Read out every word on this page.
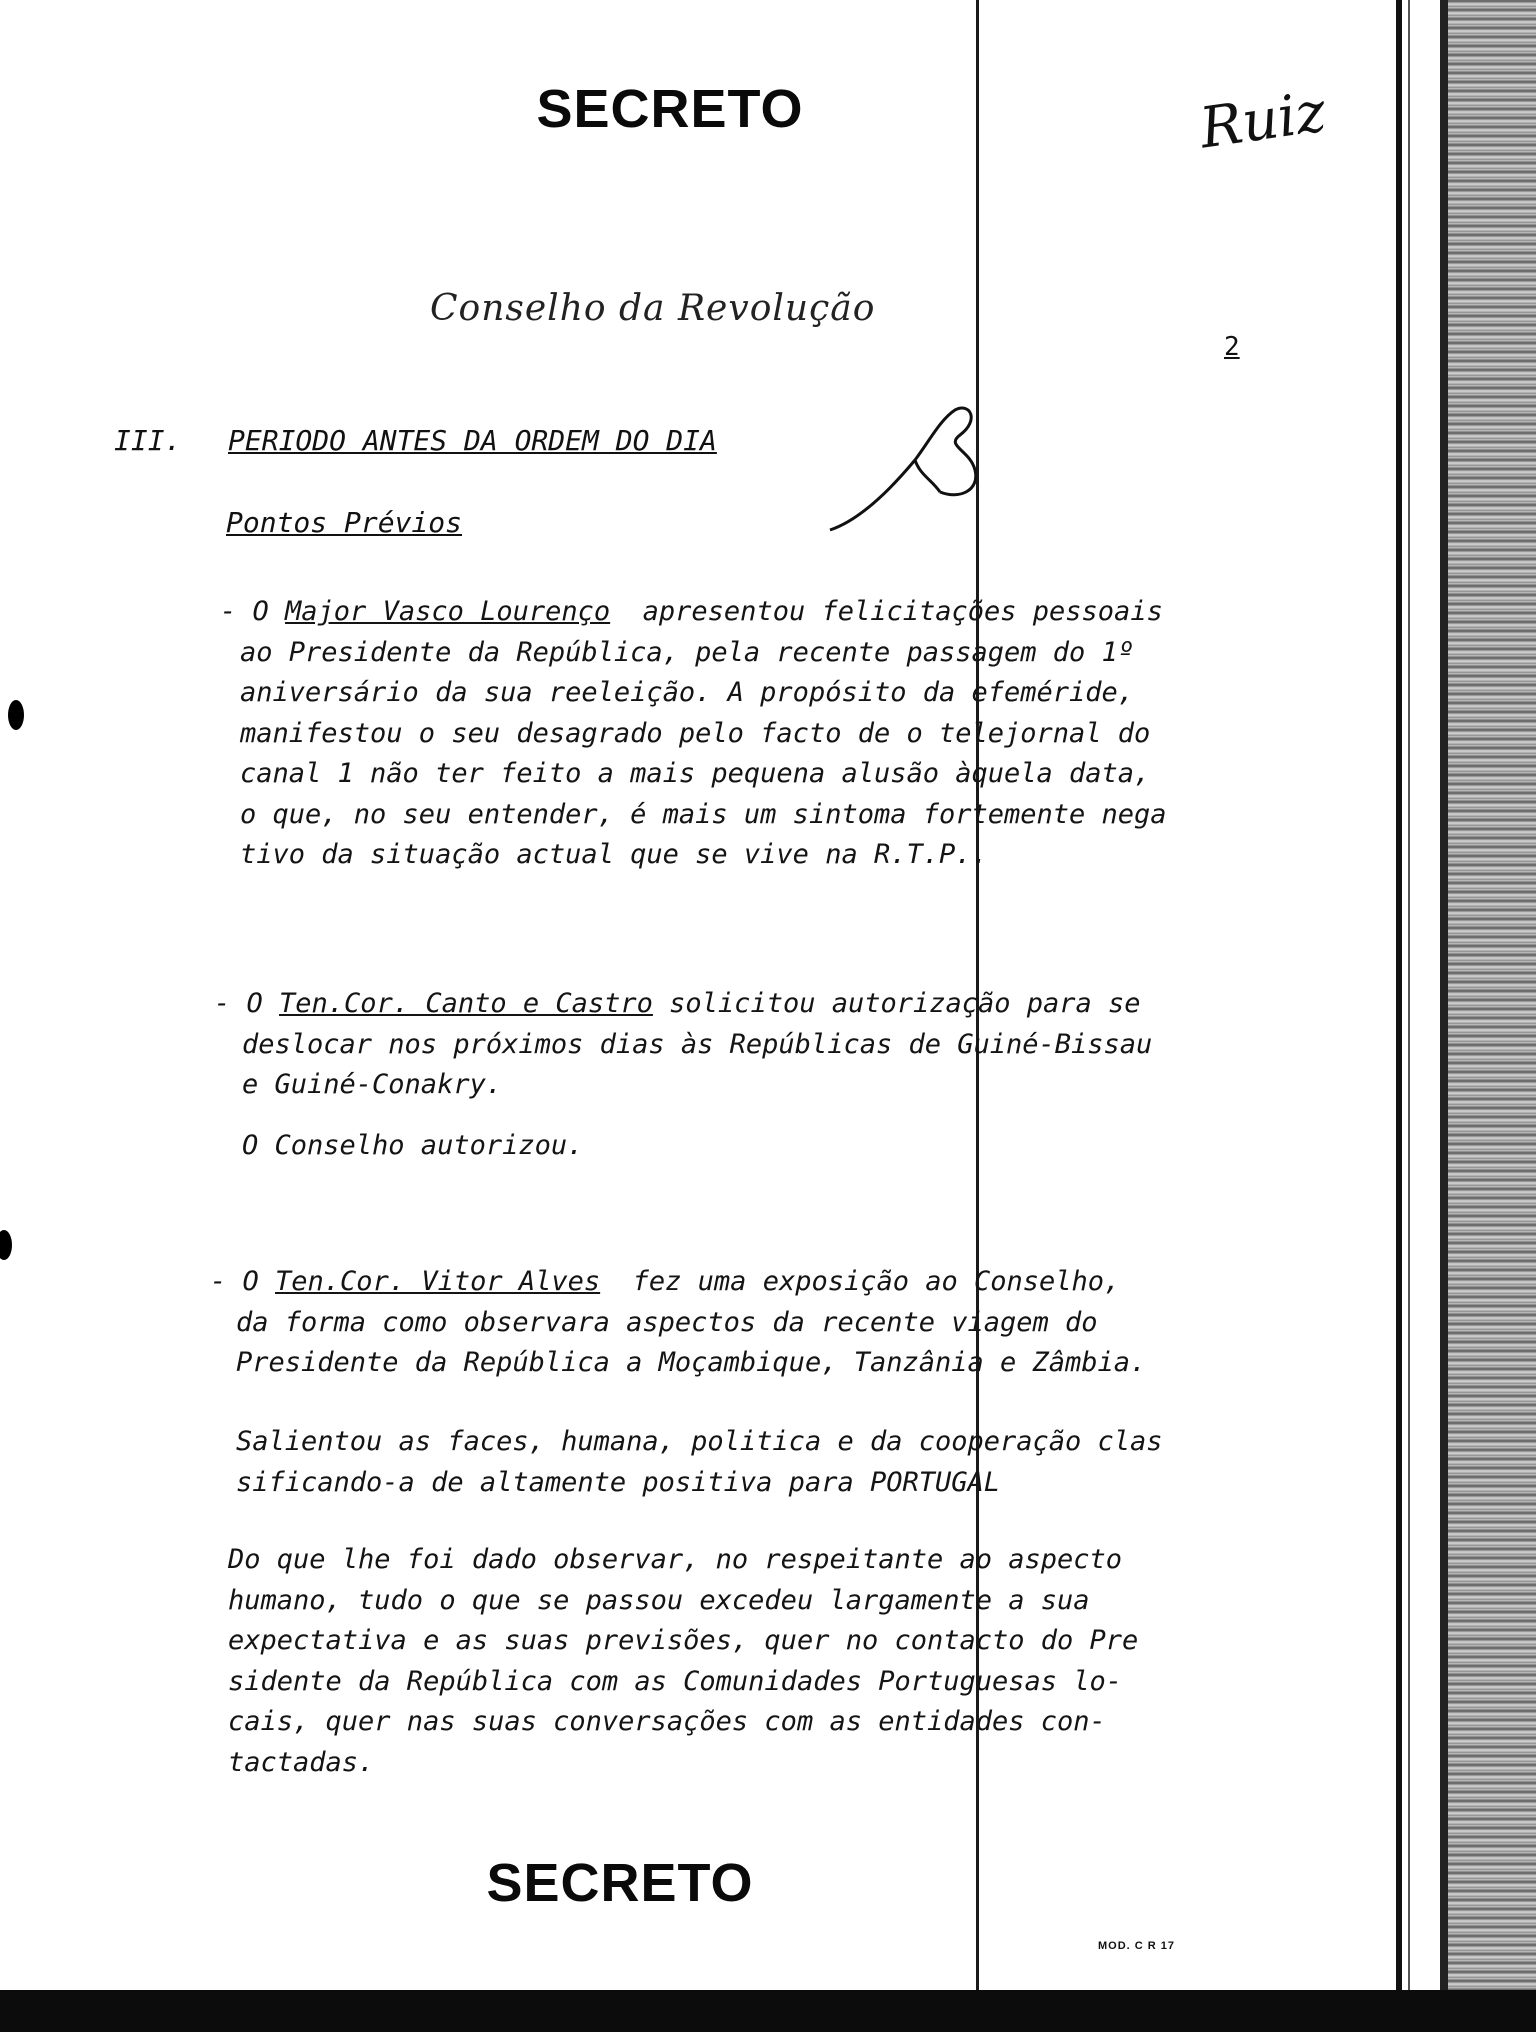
SECRETO	Ruiz
Conselho da Revolução
2
III. PERIODO ANTES DA ORDEM DO DIA
Pontos Prévios
- O Major Vasco Lourenço  apresentou felicitações pessoais
ao Presidente da República, pela recente passagem do 1º
aniversário da sua reeleição. A propósito da efeméride,
manifestou o seu desagrado pelo facto de o telejornal do
canal 1 não ter feito a mais pequena alusão àquela data,
o que, no seu entender, é mais um sintoma fortemente nega
tivo da situação actual que se vive na R.T.P..
- O Ten.Cor. Canto e Castro solicitou autorização para se
deslocar nos próximos dias às Repúblicas de Guiné-Bissau
e Guiné-Conakry.
O Conselho autorizou.
- O Ten.Cor. Vitor Alves  fez uma exposição ao Conselho,
da forma como observara aspectos da recente viagem do
Presidente da República a Moçambique, Tanzânia e Zâmbia.
Salientou as faces, humana, politica e da cooperação clas
sificando-a de altamente positiva para PORTUGAL
Do que lhe foi dado observar, no respeitante ao aspecto
humano, tudo o que se passou excedeu largamente a sua
expectativa e as suas previsões, quer no contacto do Pre
sidente da República com as Comunidades Portuguesas lo-
cais, quer nas suas conversações com as entidades con-
tactadas.
SECRETO
MOD. C R 17
